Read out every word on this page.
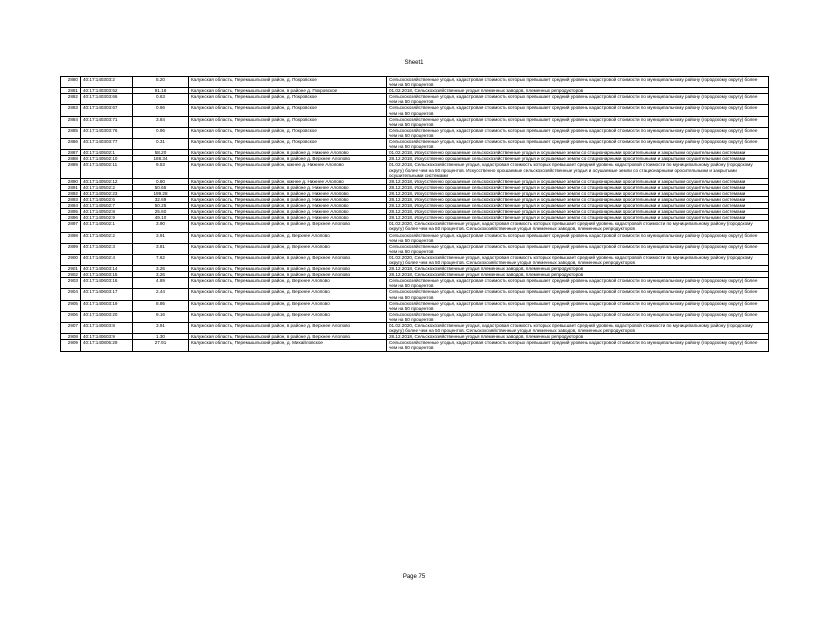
Sheet1
2880	40:17:140303:2	5.20	Калужская область, Перемышльский район, д. Покровское	Сельскохозяйственные угодья, кадастровая стоимость которых превышает средний уровень кадастровой стоимости по муниципальному району (городскому округу) более чем на 50 процентов
2881	40:17:140303:52	91.18	Калужская область, Перемышльский район, в районе д. Покровское	01.02.2018, Сельскохозяйственные угодья племенных заводов, племенных репродукторов
2882	40:17:140303:66	0.63	Калужская область, Перемышльский район, д. Покровское	Сельскохозяйственные угодья, кадастровая стоимость которых превышает средний уровень кадастровой стоимости по муниципальному району (городскому округу) более чем на 50 процентов
2883	40:17:140303:67	0.66	Калужская область, Перемышльский район, д. Покровское	Сельскохозяйственные угодья, кадастровая стоимость которых превышает средний уровень кадастровой стоимости по муниципальному району (городскому округу) более чем на 50 процентов
2884	40:17:140303:71	3.84	Калужская область, Перемышльский район, д. Покровское	Сельскохозяйственные угодья, кадастровая стоимость которых превышает средний уровень кадастровой стоимости по муниципальному району (городскому округу) более чем на 50 процентов
2885	40:17:140303:76	0.96	Калужская область, Перемышльский район, д. Покровское	Сельскохозяйственные угодья, кадастровая стоимость которых превышает средний уровень кадастровой стоимости по муниципальному району (городскому округу) более чем на 50 процентов
2886	40:17:140303:77	0.31	Калужская область, Перемышльский район, д. Покровское	Сельскохозяйственные угодья, кадастровая стоимость которых превышает средний уровень кадастровой стоимости по муниципальному району (городскому округу) более чем на 50 процентов
2887	40:17:140502:1	58.20	Калужская область, Перемышльский район, в районе д. Нижнее Алопово	01.02.2018, Искусственно орошаемые сельскохозяйственные угодья и осушаемые земли со стационарными оросительными и закрытыми осушительными системами
2888	40:17:140502:10	188.34	Калужская область, Перемышльский район, в районе д. Верхнее Алопово	28.12.2018, Искусственно орошаемые сельскохозяйственные угодья и осушаемые земли со стационарными оросительными и закрытыми осушительными системами
2889	40:17:140502:11	9.53	Калужская область, Перемышльский район, южнее д. Нижнее Алопово	01.02.2018, Сельскохозяйственные угодья, кадастровая стоимость которых превышает средний уровень кадастровой стоимости по муниципальному району (городскому округу) более чем на 50 процентов. Искусственно орошаемые сельскохозяйственные угодья и осушаемые земли со стационарными оросительными и закрытыми осушительными системами
2890	40:17:140502:12	0.80	Калужская область, Перемышльский район, южнее д. Нижнее Алопово	28.12.2018, Искусственно орошаемые сельскохозяйственные угодья и осушаемые земли со стационарными оросительными и закрытыми осушительными системами
2891	40:17:140502:2	50.65	Калужская область, Перемышльский район, в районе д. Нижнее Алопово	28.12.2018, Искусственно орошаемые сельскохозяйственные угодья и осушаемые земли со стационарными оросительными и закрытыми осушительными системами
2892	40:17:140502:23	199.28	Калужская область, Перемышльский район, в районе д. Нижнее Алопово	28.12.2018, Искусственно орошаемые сельскохозяйственные угодья и осушаемые земли со стационарными оросительными и закрытыми осушительными системами
2893	40:17:140502:6	32.69	Калужская область, Перемышльский район, в районе д. Нижнее Алопово	28.12.2018, Искусственно орошаемые сельскохозяйственные угодья и осушаемые земли со стационарными оросительными и закрытыми осушительными системами
2894	40:17:140502:7	50.25	Калужская область, Перемышльский район, в районе д. Нижнее Алопово	28.12.2018, Искусственно орошаемые сельскохозяйственные угодья и осушаемые земли со стационарными оросительными и закрытыми осушительными системами
2895	40:17:140502:8	25.60	Калужская область, Перемышльский район, в районе д. Нижнее Алопово	28.12.2018, Искусственно орошаемые сельскохозяйственные угодья и осушаемые земли со стационарными оросительными и закрытыми осушительными системами
2896	40:17:140502:9	49.10	Калужская область, Перемышльский район, в районе д. Нижнее Алопово	28.12.2018, Искусственно орошаемые сельскохозяйственные угодья и осушаемые земли со стационарными оросительными и закрытыми осушительными системами
2897	40:17:140602:1	3.90	Калужская область, Перемышльский район, в районе д. Верхнее Алопово	01.02.2020, Сельскохозяйственные угодья, кадастровая стоимость которых превышает средний уровень кадастровой стоимости по муниципальному району (городскому округу) более чем на 50 процентов. Сельскохозяйственные угодья племенных заводов, племенных репродукторов
2898	40:17:140602:2	3.91	Калужская область, Перемышльский район, д. Верхнее Алопово	Сельскохозяйственные угодья, кадастровая стоимость которых превышает средний уровень кадастровой стоимости по муниципальному району (городскому округу) более чем на 50 процентов
2899	40:17:140602:3	3.81	Калужская область, Перемышльский район, д. Верхнее Алопово	Сельскохозяйственные угодья, кадастровая стоимость которых превышает средний уровень кадастровой стоимости по муниципальному району (городскому округу) более чем на 50 процентов
2900	40:17:140602:4	7.62	Калужская область, Перемышльский район, в районе д. Верхнее Алопово	01.02.2020, Сельскохозяйственные угодья, кадастровая стоимость которых превышает средний уровень кадастровой стоимости по муниципальному району (городскому округу) более чем на 50 процентов. Сельскохозяйственные угодья племенных заводов, племенных репродукторов
2901	40:17:140603:14	3.26	Калужская область, Перемышльский район, в районе д. Верхнее Алопово	28.12.2018, Сельскохозяйственные угодья племенных заводов, племенных репродукторов
2902	40:17:140603:15	3.26	Калужская область, Перемышльский район, в районе д. Верхнее Алопово	28.12.2018, Сельскохозяйственные угодья племенных заводов, племенных репродукторов
2903	40:17:140603:16	4.89	Калужская область, Перемышльский район, д. Верхнее Алопово	Сельскохозяйственные угодья, кадастровая стоимость которых превышает средний уровень кадастровой стоимости по муниципальному району (городскому округу) более чем на 50 процентов
2904	40:17:140603:17	2.44	Калужская область, Перемышльский район, д. Верхнее Алопово	Сельскохозяйственные угодья, кадастровая стоимость которых превышает средний уровень кадастровой стоимости по муниципальному району (городскому округу) более чем на 50 процентов
2905	40:17:140603:19	8.86	Калужская область, Перемышльский район, д. Верхнее Алопово	Сельскохозяйственные угодья, кадастровая стоимость которых превышает средний уровень кадастровой стоимости по муниципальному району (городскому округу) более чем на 50 процентов
2906	40:17:140603:20	9.16	Калужская область, Перемышльский район, д. Верхнее Алопово	Сельскохозяйственные угодья, кадастровая стоимость которых превышает средний уровень кадастровой стоимости по муниципальному району (городскому округу) более чем на 50 процентов
2907	40:17:140603:8	3.91	Калужская область, Перемышльский район, в районе д. Верхнее Алопово	01.02.2020, Сельскохозяйственные угодья, кадастровая стоимость которых превышает средний уровень кадастровой стоимости по муниципальному району (городскому округу) более чем на 50 процентов. Сельскохозяйственные угодья племенных заводов, племенных репродукторов
2908	40:17:140603:9	1.30	Калужская область, Перемышльский район, в районе д. Верхнее Алопово	28.12.2018, Сельскохозяйственные угодья племенных заводов, племенных репродукторов
2909	40:17:140805:29	27.91	Калужская область, Перемышльский район, д. Михайловское	Сельскохозяйственные угодья, кадастровая стоимость которых превышает средний уровень кадастровой стоимости по муниципальному району (городскому округу) более чем на 50 процентов
Page 75
